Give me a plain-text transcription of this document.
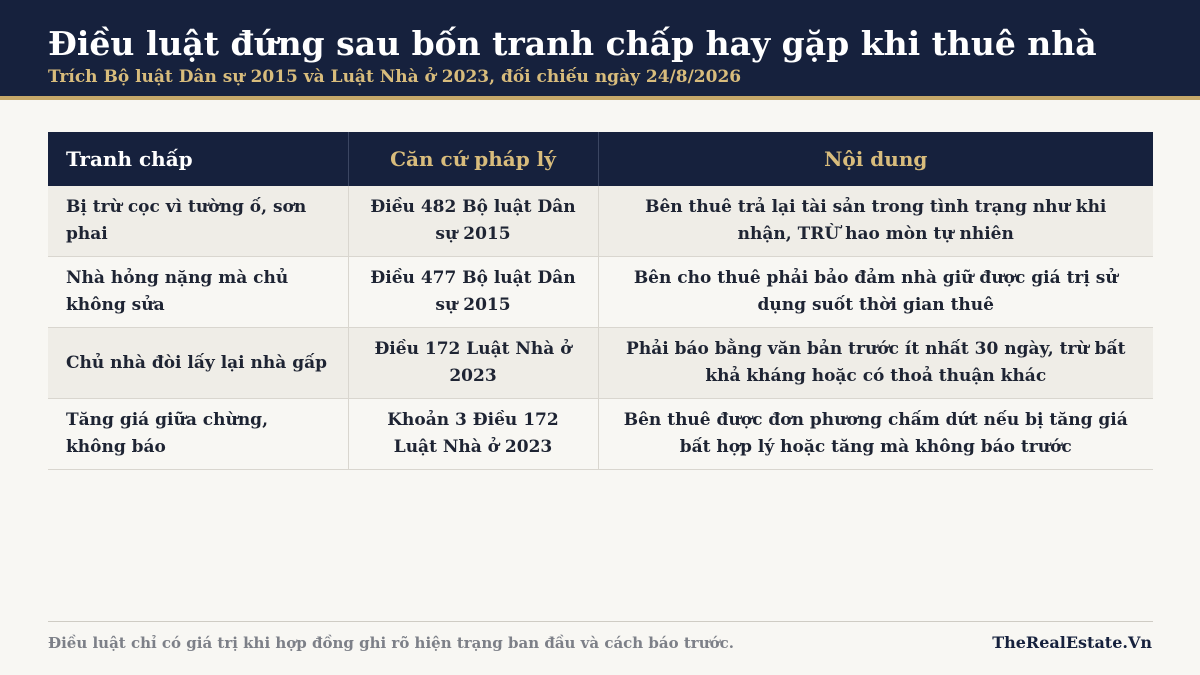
Điều luật đứng sau bốn tranh chấp hay gặp khi thuê nhà
Trích Bộ luật Dân sự 2015 và Luật Nhà ở 2023, đối chiếu ngày 24/8/2026
Tranh chấp	Căn cứ pháp lý	Nội dung
Bị trừ cọc vì tường ố, sơn phai	Điều 482 Bộ luật Dân sự 2015	Bên thuê trả lại tài sản trong tình trạng như khi nhận, TRỪ hao mòn tự nhiên
Nhà hỏng nặng mà chủ không sửa	Điều 477 Bộ luật Dân sự 2015	Bên cho thuê phải bảo đảm nhà giữ được giá trị sử dụng suốt thời gian thuê
Chủ nhà đòi lấy lại nhà gấp	Điều 172 Luật Nhà ở 2023	Phải báo bằng văn bản trước ít nhất 30 ngày, trừ bất khả kháng hoặc có thoả thuận khác
Tăng giá giữa chừng, không báo	Khoản 3 Điều 172 Luật Nhà ở 2023	Bên thuê được đơn phương chấm dứt nếu bị tăng giá bất hợp lý hoặc tăng mà không báo trước
Điều luật chỉ có giá trị khi hợp đồng ghi rõ hiện trạng ban đầu và cách báo trước.	TheRealEstate.Vn
